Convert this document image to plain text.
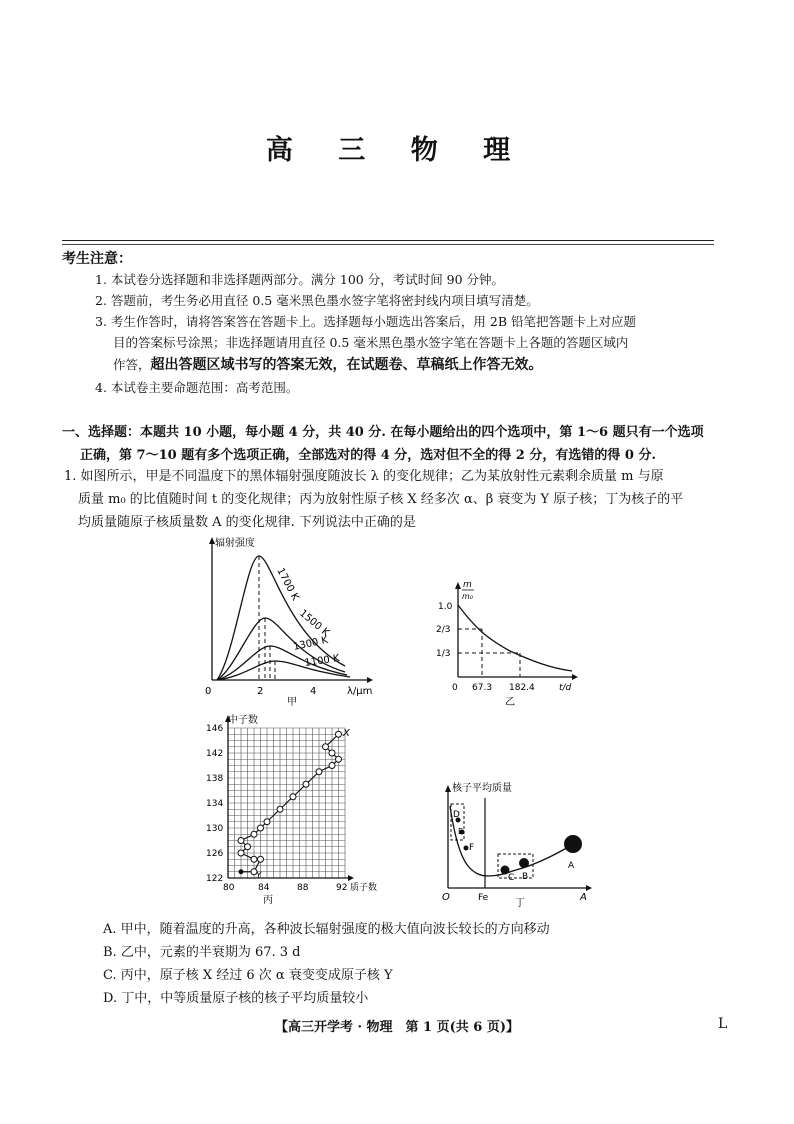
高 三 物 理
考生注意：
1. 本试卷分选择题和非选择题两部分。满分 100 分，考试时间 90 分钟。
2. 答题前，考生务必用直径 0.5 毫米黑色墨水签字笔将密封线内项目填写清楚。
3. 考生作答时，请将答案答在答题卡上。选择题每小题选出答案后，用 2B 铅笔把答题卡上对应题
目的答案标号涂黑；非选择题请用直径 0.5 毫米黑色墨水签字笔在答题卡上各题的答题区域内
作答，超出答题区域书写的答案无效，在试题卷、草稿纸上作答无效。
4. 本试卷主要命题范围：高考范围。
一、选择题：本题共 10 小题，每小题 4 分，共 40 分. 在每小题给出的四个选项中，第 1～6 题只有一个选项
正确，第 7～10 题有多个选项正确，全部选对的得 4 分，选对但不全的得 2 分，有选错的得 0 分.
1. 如图所示，甲是不同温度下的黑体辐射强度随波长 λ 的变化规律；乙为某放射性元素剩余质量 m 与原
质量 m₀ 的比值随时间 t 的变化规律；丙为放射性原子核 X 经多次 α、β 衰变为 Y 原子核；丁为核子的平
均质量随原子核质量数 A 的变化规律. 下列说法中正确的是
辐射强度
1700 K
1500 K
1300 K
1100 K
0	2	4	λ/μm
甲
m
m₀
1.0
2/3
1/3
0 67.3 182.4	t/d
乙
中子数
X
Y
146
142
138
134
130
126
122
80	84	88	92 质子数
丙
核子平均质量
D
E
F
C B
A
O	Fe	A
丁
A. 甲中，随着温度的升高，各种波长辐射强度的极大值向波长较长的方向移动
B. 乙中，元素的半衰期为 67. 3 d
C. 丙中，原子核 X 经过 6 次 α 衰变变成原子核 Y
D. 丁中，中等质量原子核的核子平均质量较小
【高三开学考 · 物理　第 1 页(共 6 页)】	L
